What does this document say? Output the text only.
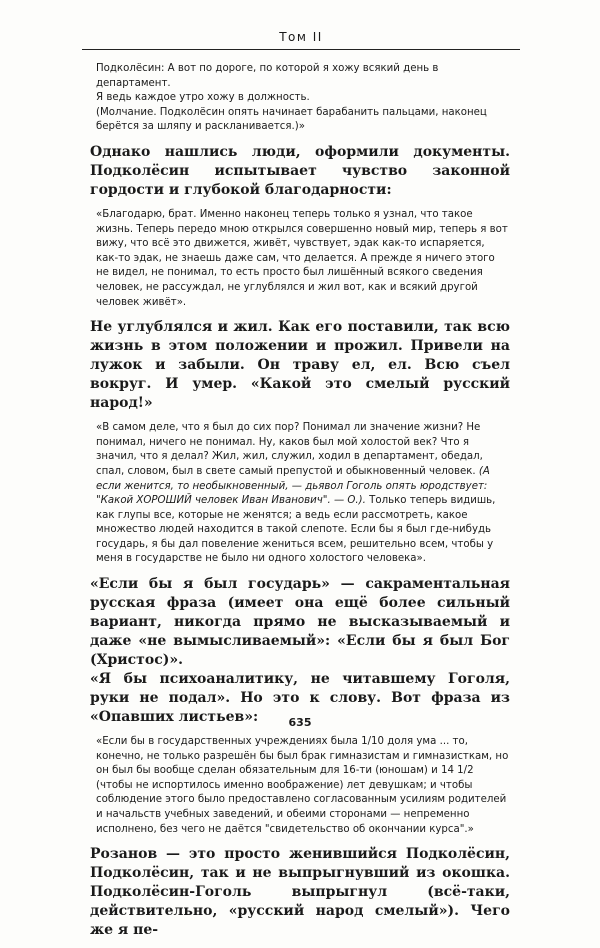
Том II

Подколёсин: А вот по дороге, по которой я хожу всякий день в департамент.

Я ведь каждое утро хожу в должность.

(Молчание. Подколёсин опять начинает барабанить пальцами, наконец берётся за шляпу и раскланивается.)»

Однако нашлись люди, оформили документы. Подколёсин испытывает чувство законной гордости и глубокой благодарности:

«Благодарю, брат. Именно наконец теперь только я узнал, что такое жизнь. Теперь передо мною открылся совершенно новый мир, теперь я вот вижу, что всё это движется, живёт, чувствует, эдак как-то испаряется, как-то эдак, не знаешь даже сам, что делается. А прежде я ничего этого не видел, не понимал, то есть просто был лишённый всякого сведения человек, не рассуждал, не углублялся и жил вот, как и всякий другой человек живёт».

Не углублялся и жил. Как его поставили, так всю жизнь в этом положении и прожил. Привели на лужок и забыли. Он траву ел, ел. Всю съел вокруг. И умер. «Какой это смелый русский народ!»

«В самом деле, что я был до сих пор? Понимал ли значение жизни? Не понимал, ничего не понимал. Ну, каков был мой холостой век? Что я значил, что я делал? Жил, жил, служил, ходил в департамент, обедал, спал, словом, был в свете самый препустой и обыкновенный человек. (А если женится, то необыкновенный, — дьявол Гоголь опять юродствует: "Какой ХОРОШИЙ человек Иван Иванович". — О.). Только теперь видишь, как глупы все, которые не женятся; а ведь если рассмотреть, какое множество людей находится в такой слепоте. Если бы я был где-нибудь государь, я бы дал повеление жениться всем, решительно всем, чтобы у меня в государстве не было ни одного холостого человека».

«Если бы я был государь» — сакраментальная русская фраза (имеет она ещё более сильный вариант, никогда прямо не высказываемый и даже «не вымысливаемый»: «Если бы я был Бог (Христос)».

«Я бы психоаналитику, не читавшему Гоголя, руки не подал». Но это к слову. Вот фраза из «Опавших листьев»:

«Если бы в государственных учреждениях была 1/10 доля ума ... то, конечно, не только разрешён бы был брак гимназистам и гимназисткам, но он был бы вообще сделан обязательным для 16-ти (юношам) и 14 1/2 (чтобы не испортилось именно воображение) лет девушкам; и чтобы соблюдение этого было предоставлено согласованным усилиям родителей и начальств учебных заведений, и обеими сторонами — непременно исполнено, без чего не даётся "свидетельство об окончании курса".»

Розанов — это просто женившийся Подколёсин, Подколёсин, так и не выпрыгнувший из окошка. Подколёсин-Гоголь выпрыгнул (всё-таки, действительно, «русский народ смелый»). Чего же я пе-

635
